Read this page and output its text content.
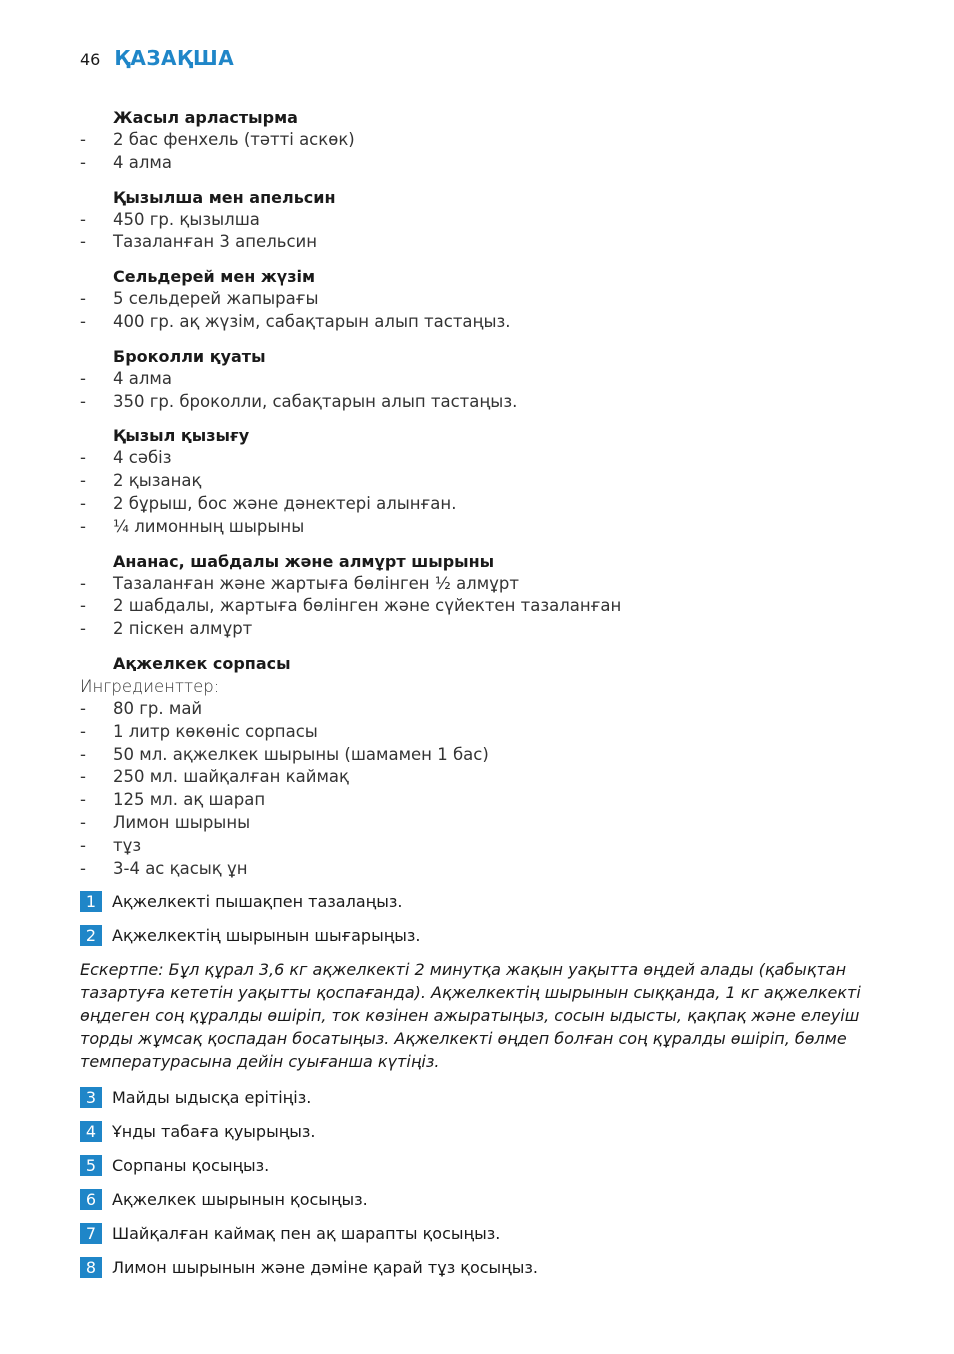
46 ҚАЗАҚША
Жасыл арластырма
-	2 бас фенхель (тәтті аскөк)
-	4 алма
Қызылша мен апельсин
-	450 гр. қызылша
-	Тазаланған 3 апельсин
Сельдерей мен жүзім
-	5 сельдерей жапырағы
-	400 гр. ақ жүзім, сабақтарын алып тастаңыз.
Броколли қуаты
-	4 алма
-	350 гр. броколли, сабақтарын алып тастаңыз.
Қызыл қызығу
-	4 сәбіз
-	2 қызанақ
-	2 бұрыш, бос және дәнектері алынған.
-	¼ лимонның шырыны
Ананас, шабдалы және алмұрт шырыны
-	Тазаланған және жартыға бөлінген ½ алмұрт
-	2 шабдалы, жартыға бөлінген және сүйектен тазаланған
-	2 піскен алмұрт
Ақжелкек сорпасы
Ингредиенттер:
-	80 гр. май
-	1 литр көкөніс сорпасы
-	50 мл. ақжелкек шырыны (шамамен 1 бас)
-	250 мл. шайқалған каймақ
-	125 мл. ақ шарап
-	Лимон шырыны
-	тұз
-	3-4 ас қасық ұн
1 Ақжелкекті пышақпен тазалаңыз.
2 Ақжелкектің шырынын шығарыңыз.
Ескертпе: Бұл құрал 3,6 кг ақжелкекті 2 минутқа жақын уақытта өңдей алады (қабықтан тазартуға кететін уақытты қоспағанда). Ақжелкектің шырынын сыққанда, 1 кг ақжелкекті өңдеген соң құралды өшіріп, ток көзінен ажыратыңыз, сосын ыдысты, қақпақ және елеуіш торды жұмсақ қоспадан босатыңыз. Ақжелкекті өңдеп болған соң құралды өшіріп, бөлме температурасына дейін суығанша күтіңіз.
3 Майды ыдысқа ерітіңіз.
4 Ұнды табаға қуырыңыз.
5 Сорпаны қосыңыз.
6 Ақжелкек шырынын қосыңыз.
7 Шайқалған каймақ пен ақ шарапты қосыңыз.
8 Лимон шырынын және дәміне қарай тұз қосыңыз.
